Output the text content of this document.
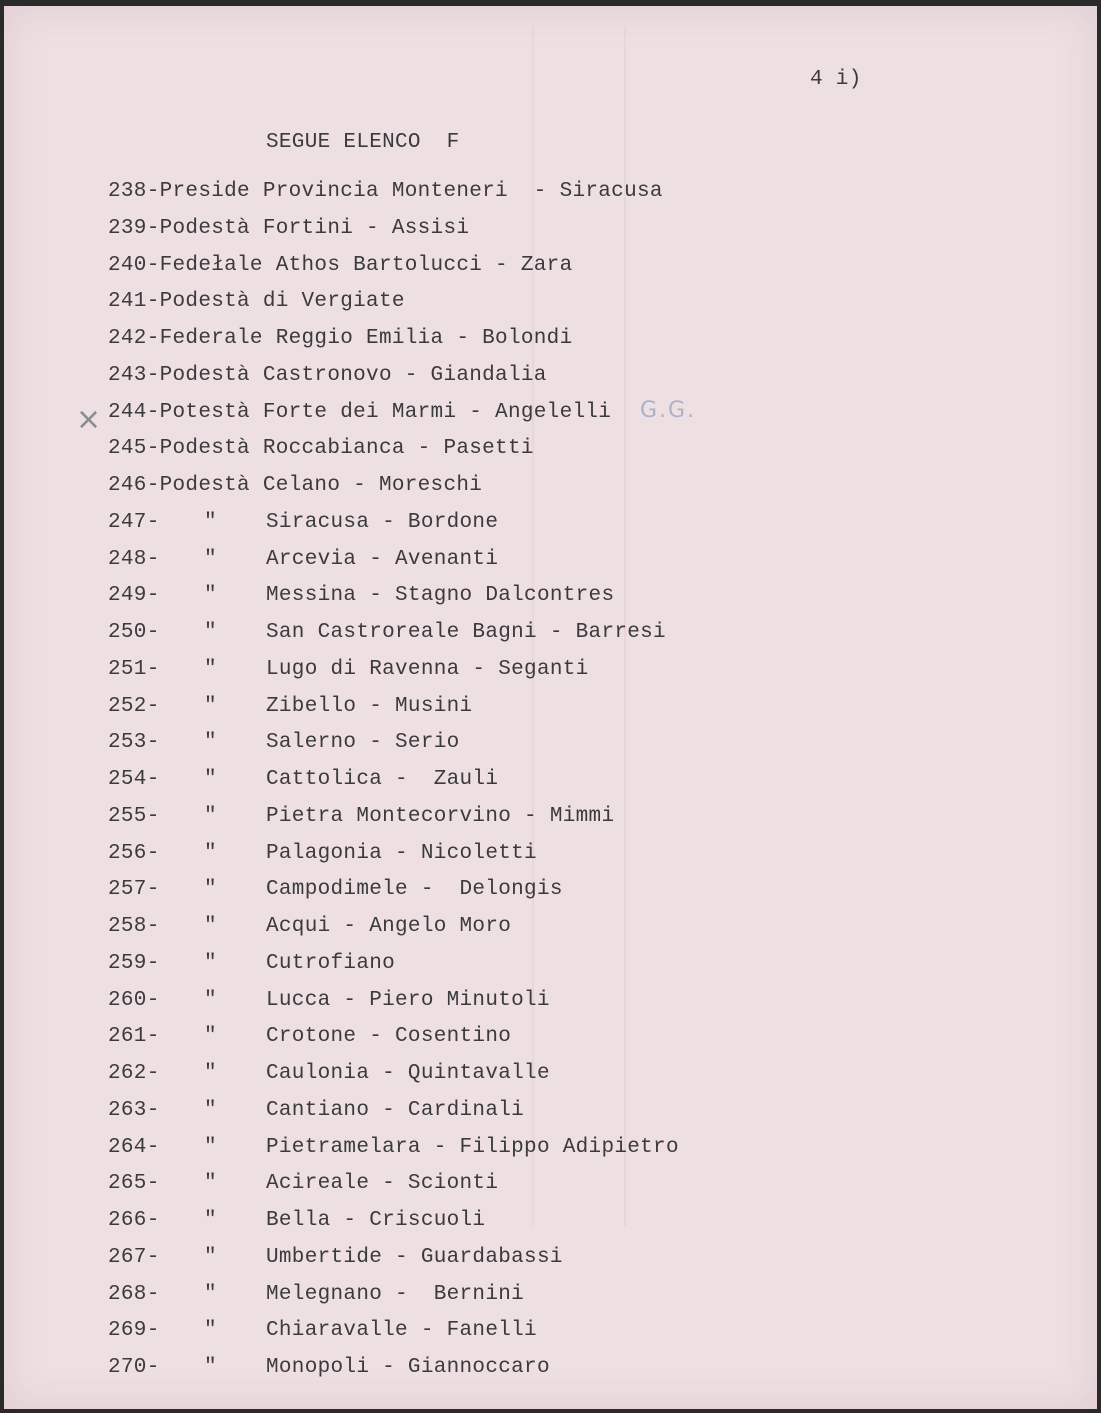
4 i)
SEGUE ELENCO  F
×	G.G.
238-Preside Provincia Monteneri  - Siracusa
239-Podestà Fortini - Assisi
240-Fedełale Athos Bartolucci - Zara
241-Podestà di Vergiate
242-Federale Reggio Emilia - Bolondi
243-Podestà Castronovo - Giandalia
244-Potestà Forte dei Marmi - Angelelli
245-Podestà Roccabianca - Pasetti
246-Podestà Celano - Moreschi
247- " Siracusa - Bordone
248- " Arcevia - Avenanti
249- " Messina - Stagno Dalcontres
250- " San Castroreale Bagni - Barresi
251- " Lugo di Ravenna - Seganti
252- " Zibello - Musini
253- " Salerno - Serio
254- " Cattolica -  Zauli
255- " Pietra Montecorvino - Mimmi
256- " Palagonia - Nicoletti
257- " Campodimele -  Delongis
258- " Acqui - Angelo Moro
259- " Cutrofiano
260- " Lucca - Piero Minutoli
261- " Crotone - Cosentino
262- " Caulonia - Quintavalle
263- " Cantiano - Cardinali
264- " Pietramelara - Filippo Adipietro
265- " Acireale - Scionti
266- " Bella - Criscuoli
267- " Umbertide - Guardabassi
268- " Melegnano -  Bernini
269- " Chiaravalle - Fanelli
270- " Monopoli - Giannoccaro
